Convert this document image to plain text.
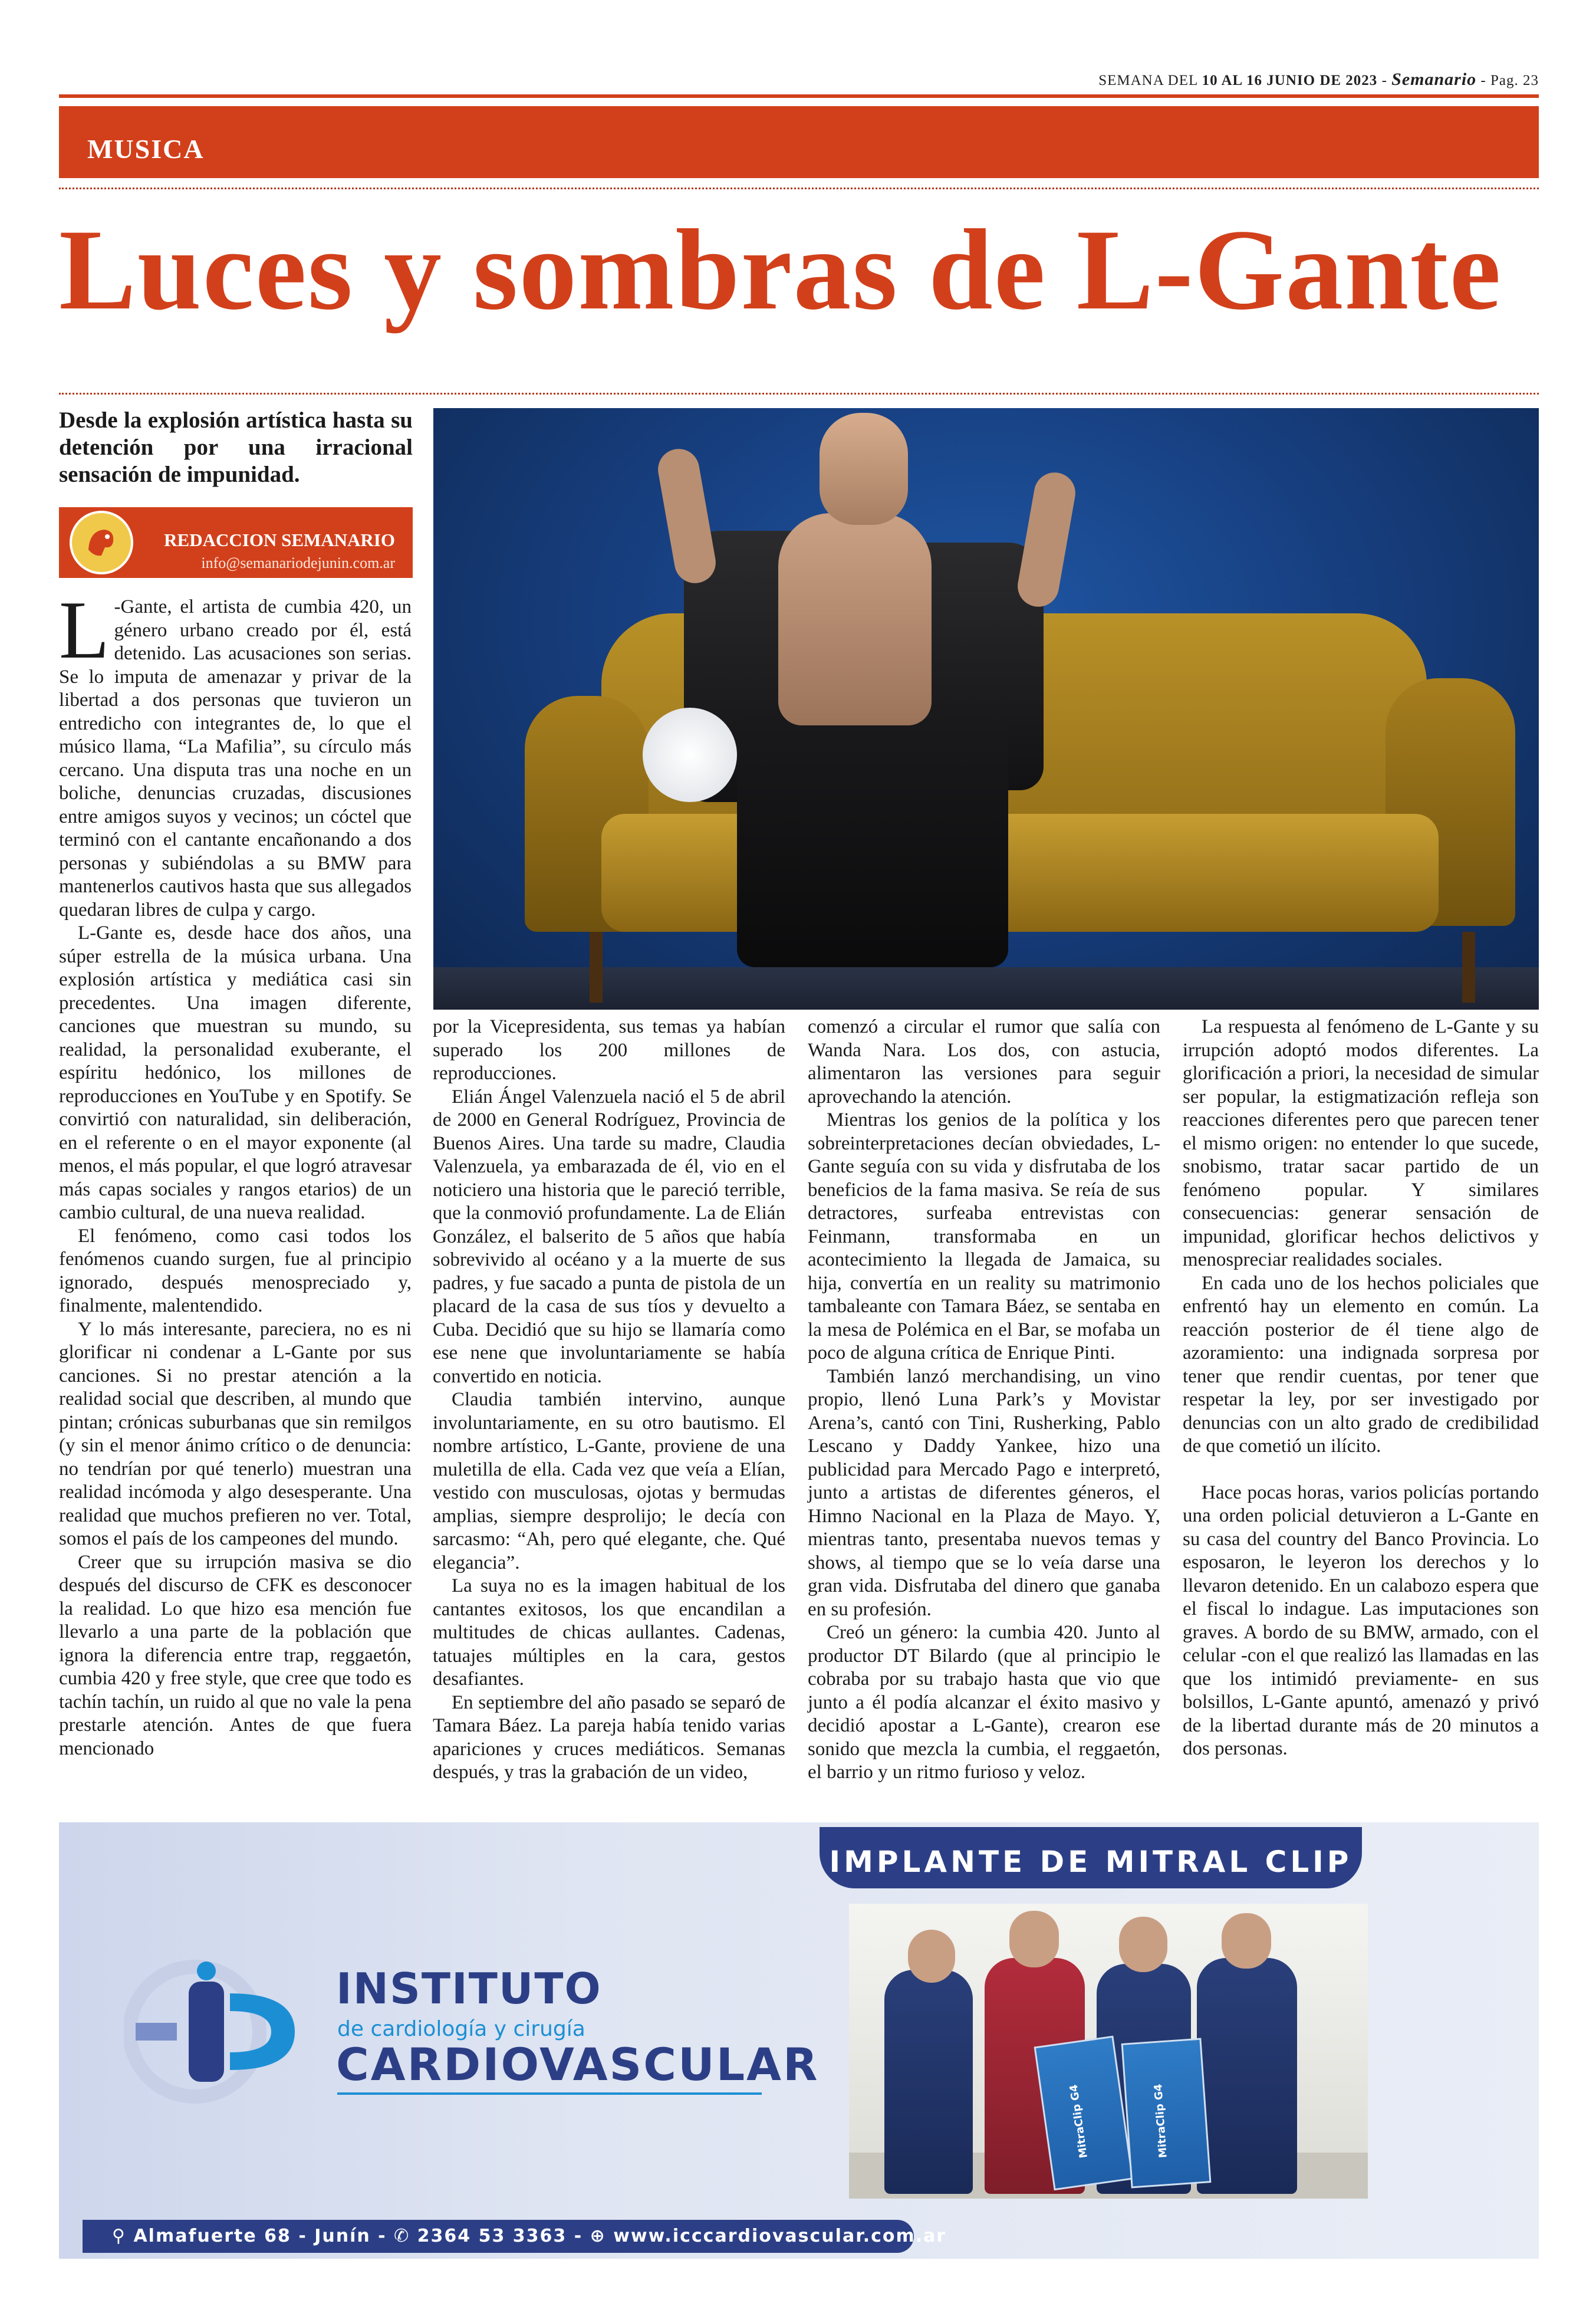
SEMANA DEL 10 AL 16 JUNIO DE 2023 - Semanario - Pag. 23
MUSICA
Luces y sombras de L-Gante
Desde la explosión artística hasta su detención por una irracional sensación de impunidad.
REDACCION SEMANARIO
info@semanariodejunin.com.ar

L -Gante, el artista de cumbia 420, un género urbano creado por él, está detenido. Las acusaciones son serias. Se lo imputa de amenazar y privar de la libertad a dos personas que tuvieron un entredicho con integrantes de, lo que el músico llama, “La Mafilia”, su círculo más cercano. Una disputa tras una noche en un boliche, denuncias cruzadas, discusiones entre amigos suyos y vecinos; un cóctel que terminó con el cantante encañonando a dos personas y subiéndolas a su BMW para mantenerlos cautivos hasta que sus allegados quedaran libres de culpa y cargo.

L-Gante es, desde hace dos años, una súper estrella de la música urbana. Una explosión artística y mediática casi sin precedentes. Una imagen diferente, canciones que muestran su mundo, su realidad, la personalidad exuberante, el espíritu hedónico, los millones de reproducciones en YouTube y en Spotify. Se convirtió con naturalidad, sin deliberación, en el referente o en el mayor exponente (al menos, el más popular, el que logró atravesar más capas sociales y rangos etarios) de un cambio cultural, de una nueva realidad.

El fenómeno, como casi todos los fenómenos cuando surgen, fue al principio ignorado, después menospreciado y, finalmente, malentendido.

Y lo más interesante, pareciera, no es ni glorificar ni condenar a L-Gante por sus canciones. Si no prestar atención a la realidad social que describen, al mundo que pintan; crónicas suburbanas que sin remilgos (y sin el menor ánimo crítico o de denuncia: no tendrían por qué tenerlo) muestran una realidad incómoda y algo desesperante. Una realidad que muchos prefieren no ver. Total, somos el país de los campeones del mundo.

Creer que su irrupción masiva se dio después del discurso de CFK es desconocer la realidad. Lo que hizo esa mención fue llevarlo a una parte de la población que ignora la diferencia entre trap, reggaetón, cumbia 420 y free style, que cree que todo es tachín tachín, un ruido al que no vale la pena prestarle atención. Antes de que fuera mencionado

por la Vicepresidenta, sus temas ya habían superado los 200 millones de reproducciones.

Elián Ángel Valenzuela nació el 5 de abril de 2000 en General Rodríguez, Provincia de Buenos Aires. Una tarde su madre, Claudia Valenzuela, ya embarazada de él, vio en el noticiero una historia que le pareció terrible, que la conmovió profundamente. La de Elián González, el balserito de 5 años que había sobrevivido al océano y a la muerte de sus padres, y fue sacado a punta de pistola de un placard de la casa de sus tíos y devuelto a Cuba. Decidió que su hijo se llamaría como ese nene que involuntariamente se había convertido en noticia.

Claudia también intervino, aunque involuntariamente, en su otro bautismo. El nombre artístico, L-Gante, proviene de una muletilla de ella. Cada vez que veía a Elían, vestido con musculosas, ojotas y bermudas amplias, siempre desprolijo; le decía con sarcasmo: “Ah, pero qué elegante, che. Qué elegancia”.

La suya no es la imagen habitual de los cantantes exitosos, los que encandilan a multitudes de chicas aullantes. Cadenas, tatuajes múltiples en la cara, gestos desafiantes.

En septiembre del año pasado se separó de Tamara Báez. La pareja había tenido varias apariciones y cruces mediáticos. Semanas después, y tras la grabación de un video,

comenzó a circular el rumor que salía con Wanda Nara. Los dos, con astucia, alimentaron las versiones para seguir aprovechando la atención.

Mientras los genios de la política y los sobreinterpretaciones decían obviedades, L-Gante seguía con su vida y disfrutaba de los beneficios de la fama masiva. Se reía de sus detractores, surfeaba entrevistas con Feinmann, transformaba en un acontecimiento la llegada de Jamaica, su hija, convertía en un reality su matrimonio tambaleante con Tamara Báez, se sentaba en la mesa de Polémica en el Bar, se mofaba un poco de alguna crítica de Enrique Pinti.

También lanzó merchandising, un vino propio, llenó Luna Park’s y Movistar Arena’s, cantó con Tini, Rusherking, Pablo Lescano y Daddy Yankee, hizo una publicidad para Mercado Pago e interpretó, junto a artistas de diferentes géneros, el Himno Nacional en la Plaza de Mayo. Y, mientras tanto, presentaba nuevos temas y shows, al tiempo que se lo veía darse una gran vida. Disfrutaba del dinero que ganaba en su profesión.

Creó un género: la cumbia 420. Junto al productor DT Bilardo (que al principio le cobraba por su trabajo hasta que vio que junto a él podía alcanzar el éxito masivo y decidió apostar a L-Gante), crearon ese sonido que mezcla la cumbia, el reggaetón, el barrio y un ritmo furioso y veloz.

La respuesta al fenómeno de L-Gante y su irrupción adoptó modos diferentes. La glorificación a priori, la necesidad de simular ser popular, la estigmatización refleja son reacciones diferentes pero que parecen tener el mismo origen: no entender lo que sucede, snobismo, tratar sacar partido de un fenómeno popular. Y similares consecuencias: generar sensación de impunidad, glorificar hechos delictivos y menospreciar realidades sociales.

En cada uno de los hechos policiales que enfrentó hay un elemento en común. La reacción posterior de él tiene algo de azoramiento: una indignada sorpresa por tener que rendir cuentas, por tener que respetar la ley, por ser investigado por denuncias con un alto grado de credibilidad de que cometió un ilícito.

Hace pocas horas, varios policías portando una orden policial detuvieron a L-Gante en su casa del country del Banco Provincia. Lo esposaron, le leyeron los derechos y lo llevaron detenido. En un calabozo espera que el fiscal lo indague. Las imputaciones son graves. A bordo de su BMW, armado, con el celular -con el que realizó las llamadas en las que los intimidó previamente- en sus bolsillos, L-Gante apuntó, amenazó y privó de la libertad durante más de 20 minutos a dos personas.

IMPLANTE DE MITRAL CLIP
MitraClip G4	MitraClip G4
INSTITUTO
de cardiología y cirugía
CARDIOVASCULAR
⚲ Almafuerte 68 - Junín - ✆ 2364 53 3363 - ⊕ www.icccardiovascular.com.ar
